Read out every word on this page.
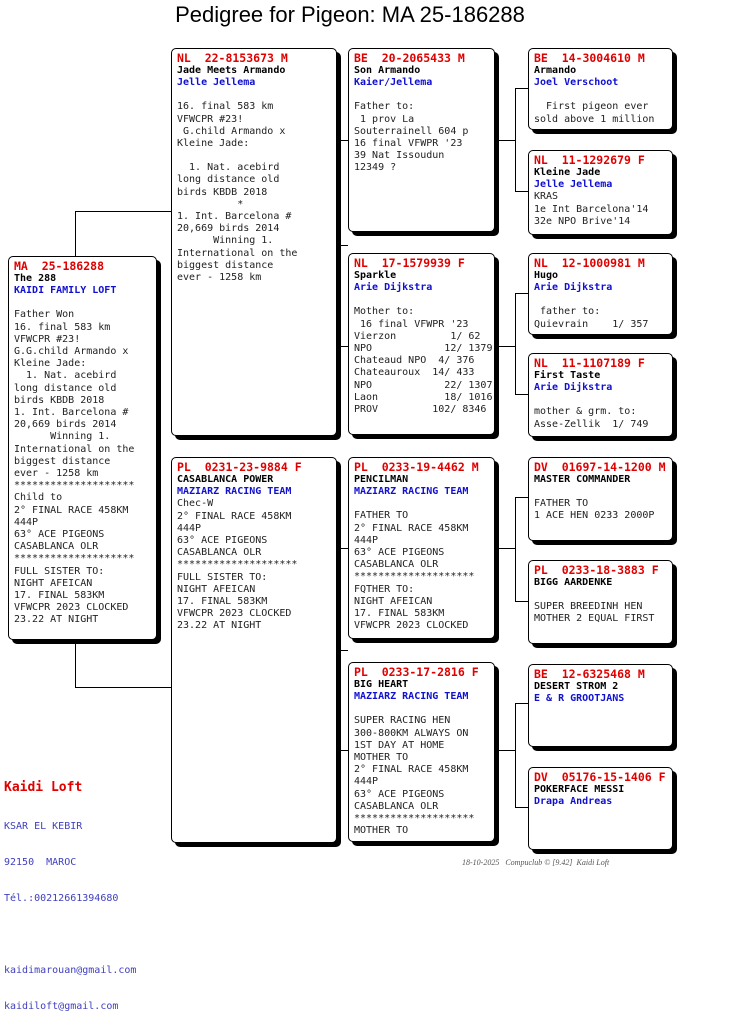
Pedigree for Pigeon: MA 25-186288
MA  25-186288
The 288
KAIDI FAMILY LOFT
Father Won
16. final 583 km
VFWCPR #23!
G.G.child Armando x
Kleine Jade:
1. Nat. acebird
long distance old
birds KBDB 2018
1. Int. Barcelona #
20,669 birds 2014
Winning 1.
International on the
biggest distance
ever - 1258 km
********************
Child to
2° FINAL RACE 458KM
444P
63° ACE PIGEONS
CASABLANCA OLR
********************
FULL SISTER TO:
NIGHT AFEICAN
17. FINAL 583KM
VFWCPR 2023 CLOCKED
23.22 AT NIGHT
NL  22-8153673 M
Jade Meets Armando
Jelle Jellema
16. final 583 km
VFWCPR #23!
G.child Armando x
Kleine Jade:
1. Nat. acebird
long distance old
birds KBDB 2018
*
1. Int. Barcelona #
20,669 birds 2014
Winning 1.
International on the
biggest distance
ever - 1258 km
PL  0231-23-9884 F
CASABLANCA POWER
MAZIARZ RACING TEAM
Chec-W
2° FINAL RACE 458KM
444P
63° ACE PIGEONS
CASABLANCA OLR
********************
FULL SISTER TO:
NIGHT AFEICAN
17. FINAL 583KM
VFWCPR 2023 CLOCKED
23.22 AT NIGHT
BE  20-2065433 M
Son Armando
Kaier/Jellema
Father to:
1 prov La
Souterrainell 604 p
16 final VFWPR '23
39 Nat Issoudun
12349 ?
NL  17-1579939 F
Sparkle
Arie Dijkstra
Mother to:
16 final VFWPR '23
Vierzon         1/ 62
NPO            12/ 1379
Chateaud NPO  4/ 376
Chateauroux  14/ 433
NPO            22/ 1307
Laon           18/ 1016
PROV         102/ 8346
PL  0233-19-4462 M
PENCILMAN
MAZIARZ RACING TEAM
FATHER TO
2° FINAL RACE 458KM
444P
63° ACE PIGEONS
CASABLANCA OLR
********************
FQTHER TO:
NIGHT AFEICAN
17. FINAL 583KM
VFWCPR 2023 CLOCKED
PL  0233-17-2816 F
BIG HEART
MAZIARZ RACING TEAM
SUPER RACING HEN
300-800KM ALWAYS ON
1ST DAY AT HOME
MOTHER TO
2° FINAL RACE 458KM
444P
63° ACE PIGEONS
CASABLANCA OLR
********************
MOTHER TO
BE  14-3004610 M
Armando
Joel Verschoot
First pigeon ever
sold above 1 million
NL  11-1292679 F
Kleine Jade
Jelle Jellema
KRAS
1e Int Barcelona'14
32e NPO Brive'14
NL  12-1000981 M
Hugo
Arie Dijkstra
father to:
Quievrain    1/ 357
NL  11-1107189 F
First Taste
Arie Dijkstra
mother & grm. to:
Asse-Zellik  1/ 749
DV  01697-14-1200 M
MASTER COMMANDER
FATHER TO
1 ACE HEN 0233 2000P
PL  0233-18-3883 F
BIGG AARDENKE
SUPER BREEDINH HEN
MOTHER 2 EQUAL FIRST
BE  12-6325468 M
DESERT STROM 2
E & R GROOTJANS
DV  05176-15-1406 F
POKERFACE MESSI
Drapa Andreas
Kaidi Loft

KSAR EL KEBIR

92150  MAROC

Tél.:00212661394680

kaidimarouan@gmail.com

kaidiloft@gmail.com

18-10-2025   Compuclub © [9.42]  Kaidi Loft
